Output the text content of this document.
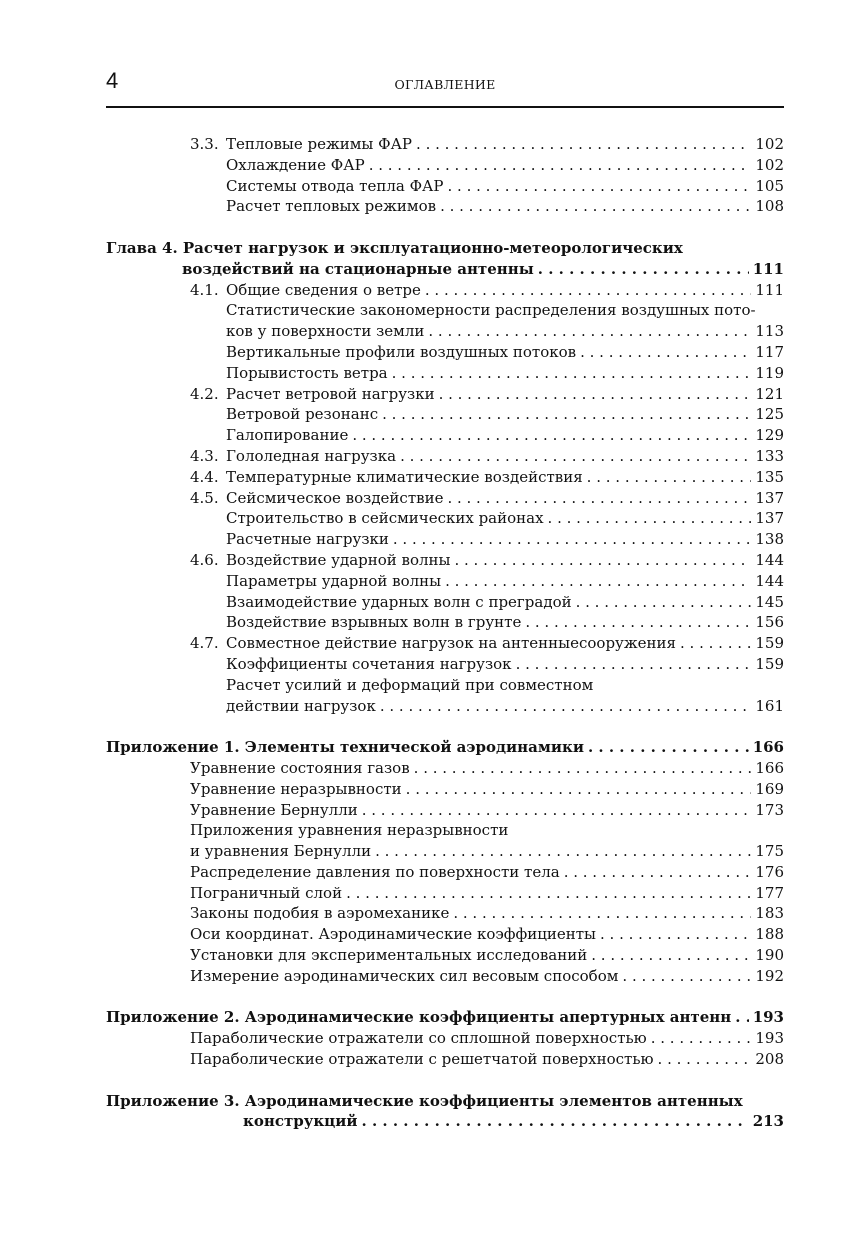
4	ОГЛАВЛЕНИЕ
3.3. Тепловые режимы ФАР . . .	102
Охлаждение ФАР . . .	102
Системы отвода тепла ФАР . . .	105
Расчет тепловых режимов . . .	108
Глава 4. Расчет нагрузок и эксплуатационно-метеорологических
воздействий на стационарные антенны . . .	111
4.1. Общие сведения о ветре . . .	111
Статистические закономерности распределения воздушных пото-
ков у поверхности земли . . .	113
Вертикальные профили воздушных потоков . . .	117
Порывистость ветра . . .	119
4.2. Расчет ветровой нагрузки . . .	121
Ветровой резонанс . . .	125
Галопирование . . .	129
4.3. Гололедная нагрузка . . .	133
4.4. Температурные климатические воздействия . . .	135
4.5. Сейсмическое воздействие . . .	137
Строительство в сейсмических районах . . .	137
Расчетные нагрузки . . .	138
4.6. Воздействие ударной волны . . .	144
Параметры ударной волны . . .	144
Взаимодействие ударных волн с преградой . . .	145
Воздействие взрывных волн в грунте . . .	156
4.7. Совместное действие нагрузок на антенныесооружения . . .	159
Коэффициенты сочетания нагрузок . . .	159
Расчет усилий и деформаций при совместном
действии нагрузок . . .	161
Приложение 1. Элементы технической аэродинамики . . .	166
Уравнение состояния газов . . .	166
Уравнение неразрывности . . .	169
Уравнение Бернулли . . .	173
Приложения уравнения неразрывности
и уравнения Бернулли . . .	175
Распределение давления по поверхности тела . . .	176
Пограничный слой . . .	177
Законы подобия в аэромеханике . . .	183
Оси координат. Аэродинамические коэффициенты . . .	188
Установки для экспериментальных исследований . . .	190
Измерение аэродинамических сил весовым способом . . .	192
Приложение 2. Аэродинамические коэффициенты апертурных антенн . . . 193
Параболические отражатели со сплошной поверхностью . . .	193
Параболические отражатели с решетчатой поверхностью . . .	208
Приложение 3. Аэродинамические коэффициенты элементов антенных
конструкций . . .	213
